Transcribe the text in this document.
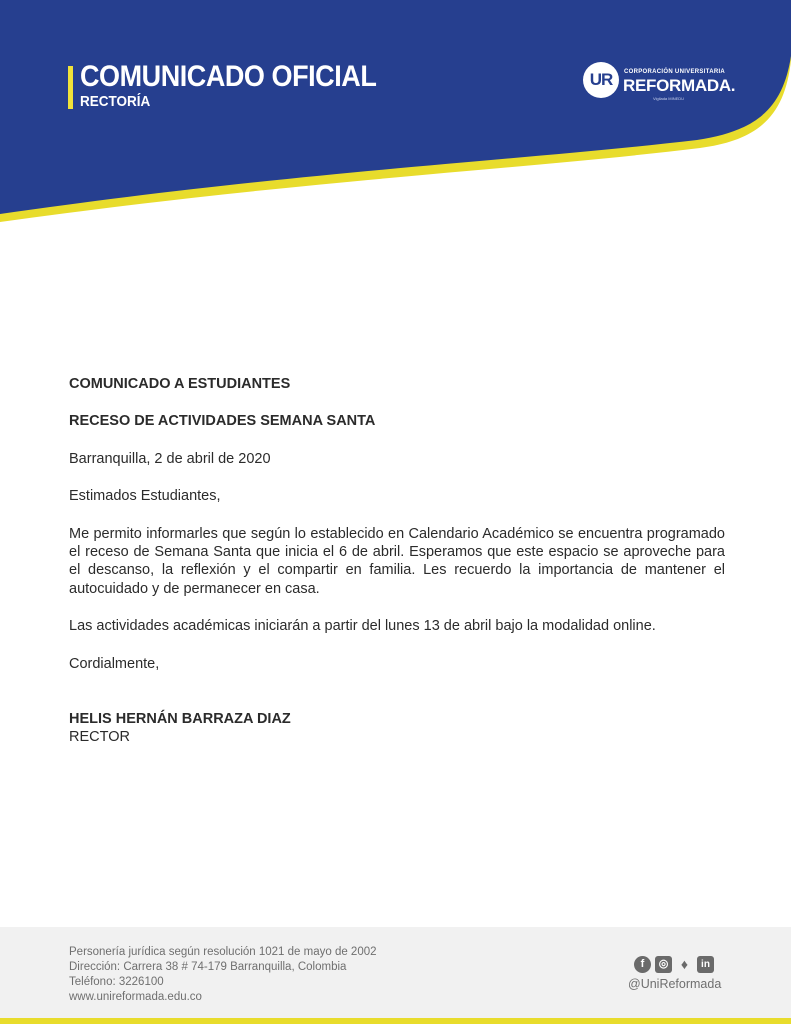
COMUNICADO OFICIAL
RECTORÍA
UR	CORPORACIÓN UNIVERSITARIA
REFORMADA.
Vigilada MINEDU

COMUNICADO A ESTUDIANTES

RECESO DE ACTIVIDADES SEMANA SANTA

Barranquilla, 2 de abril de 2020

Estimados Estudiantes,

Me permito informarles que según lo establecido en Calendario Académico se encuentra programado el receso de Semana Santa que inicia el 6 de abril. Esperamos que este espacio se aproveche para el descanso, la reflexión y el compartir en familia. Les recuerdo la importancia de mantener el autocuidado y de permanecer en casa.

Las actividades académicas iniciarán a partir del lunes 13 de abril bajo la modalidad online.

Cordialmente,

HELIS HERNÁN BARRAZA DIAZ

RECTOR

Personería jurídica según resolución 1021 de mayo de 2002
Dirección: Carrera 38 # 74-179 Barranquilla, Colombia
Teléfono: 3226100
www.unireformada.edu.co
f	◎ ♦	in
@UniReformada
